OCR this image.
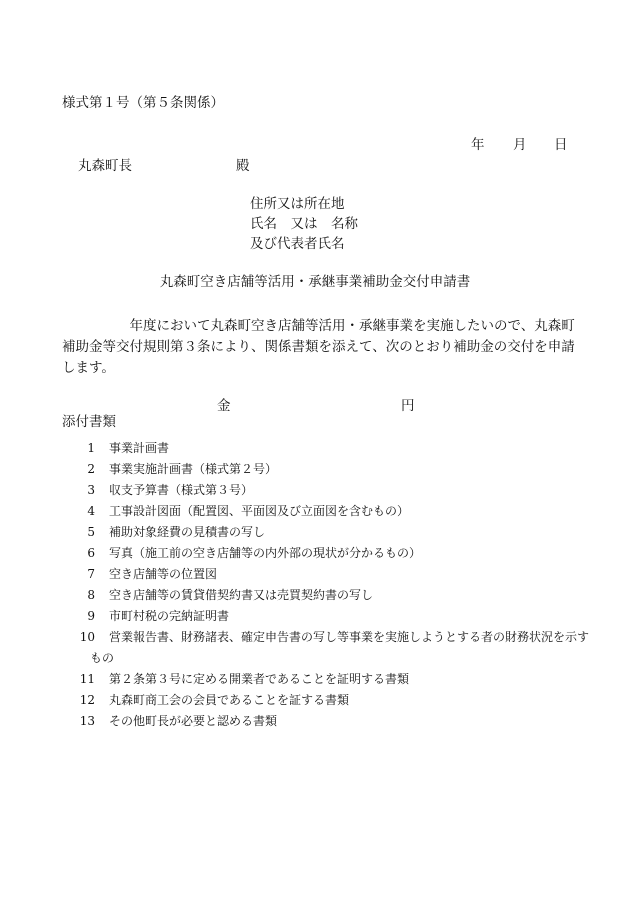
様式第１号（第５条関係）
年 月 日
丸森町長	殿
住所又は所在地
氏名　又は　名称
及び代表者氏名
丸森町空き店舗等活用・承継事業補助金交付申請書

　　　　　年度において丸森町空き店舗等活用・承継事業を実施したいので、丸森町

補助金等交付規則第３条により、関係書類を添えて、次のとおり補助金の交付を申請

します。

金	円
添付書類
1	事業計画書
2	事業実施計画書（様式第２号）
3	収支予算書（様式第３号）
4	工事設計図面（配置図、平面図及び立面図を含むもの）
5	補助対象経費の見積書の写し
6	写真（施工前の空き店舗等の内外部の現状が分かるもの）
7	空き店舗等の位置図
8	空き店舗等の賃貸借契約書又は売買契約書の写し
9	市町村税の完納証明書
10	営業報告書、財務諸表、確定申告書の写し等事業を実施しようとする者の財務状況を示す
もの
11	第２条第３号に定める開業者であることを証明する書類
12	丸森町商工会の会員であることを証する書類
13	その他町長が必要と認める書類
